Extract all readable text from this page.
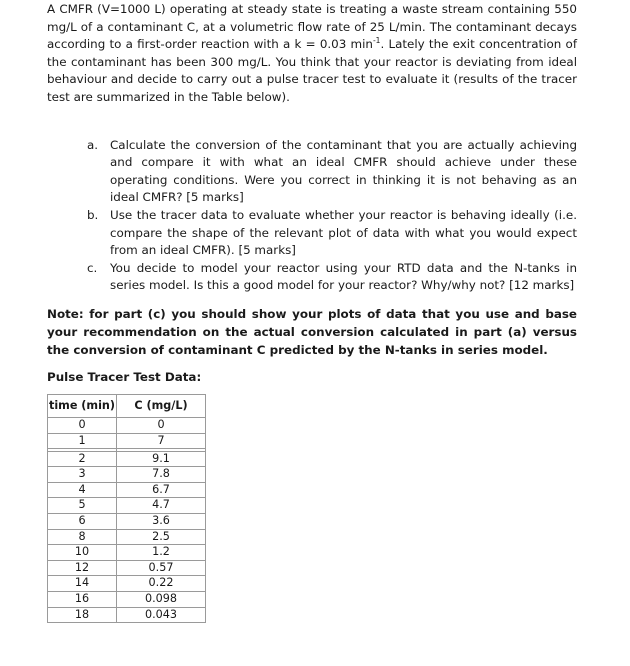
A CMFR (V=1000 L) operating at steady state is treating a waste stream containing 550 mg/L of a contaminant C, at a volumetric flow rate of 25 L/min. The contaminant decays according to a first-order reaction with a k = 0.03 $\min^{-1}$. Lately the exit concentration of the contaminant has been 300 mg/L. You think that your reactor is deviating from ideal behaviour and decide to carry out a pulse tracer test to evaluate it (results of the tracer test are summarized in the Table below).

a. Calculate the conversion of the contaminant that you are actually achieving and compare it with what an ideal CMFR should achieve under these operating conditions. Were you correct in thinking it is not behaving as an ideal CMFR? [5 marks]
b. Use the tracer data to evaluate whether your reactor is behaving ideally (i.e. compare the shape of the relevant plot of data with what you would expect from an ideal CMFR). [5 marks]
c. You decide to model your reactor using your RTD data and the N-tanks in series model. Is this a good model for your reactor? Why/why not? [12 marks]

Note: for part (c) you should show your plots of data that you use and base your recommendation on the actual conversion calculated in part (a) versus the conversion of contaminant C predicted by the N-tanks in series model.

Pulse Tracer Test Data:

time (min)	C (mg/L)
0	0
1	7

2	9.1
3	7.8
4	6.7
5	4.7
6	3.6
8	2.5
10	1.2
12	0.57
14	0.22
16	0.098
18	0.043
